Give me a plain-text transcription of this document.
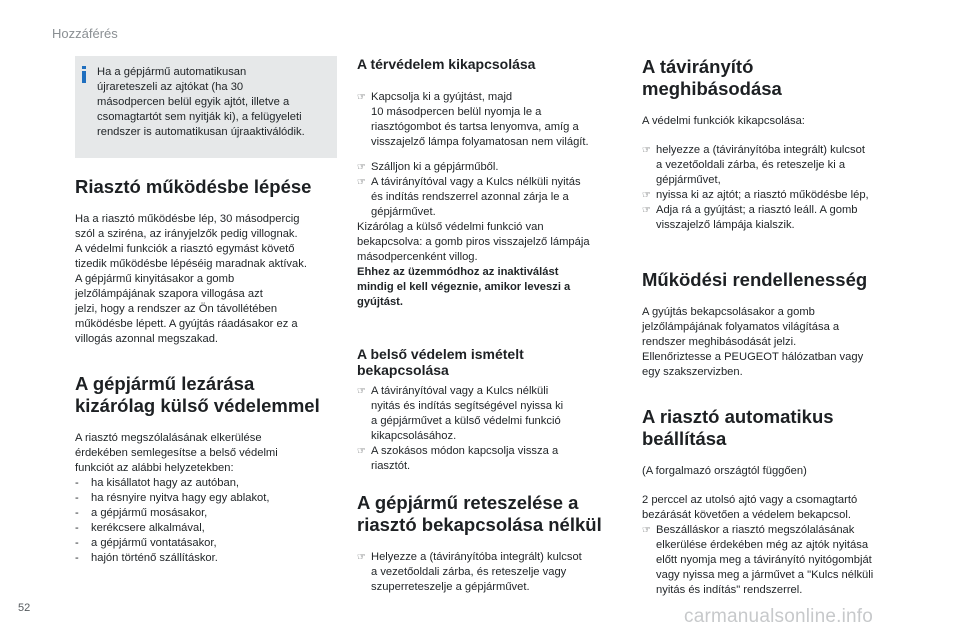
Hozzáférés
Ha a gépjármű automatikusan
újrareteszeli az ajtókat (ha 30
másodpercen belül egyik ajtót, illetve a
csomagtartót sem nyitják ki), a felügyeleti
rendszer is automatikusan újraaktiválódik.
Riasztó működésbe lépése
Ha a riasztó működésbe lép, 30 másodpercig
szól a sziréna, az irányjelzők pedig villognak.
A védelmi funkciók a riasztó egymást követő
tizedik működésbe lépéséig maradnak aktívak.
A gépjármű kinyitásakor a gomb
jelzőlámpájának szapora villogása azt
jelzi, hogy a rendszer az Ön távollétében
működésbe lépett. A gyújtás ráadásakor ez a
villogás azonnal megszakad.
A gépjármű lezárása
kizárólag külső védelemmel
A riasztó megszólalásának elkerülése
érdekében semlegesítse a belső védelmi
funkciót az alábbi helyzetekben:
- ha kisállatot hagy az autóban,
- ha résnyire nyitva hagy egy ablakot,
- a gépjármű mosásakor,
- kerékcsere alkalmával,
- a gépjármű vontatásakor,
- hajón történő szállításkor.
A térvédelem kikapcsolása
☞ Kapcsolja ki a gyújtást, majd
10 másodpercen belül nyomja le a
riasztógombot és tartsa lenyomva, amíg a
visszajelző lámpa folyamatosan nem világít.
☞ Szálljon ki a gépjárműből.
☞ A távirányítóval vagy a Kulcs nélküli nyitás
és indítás rendszerrel azonnal zárja le a
gépjárművet.
Kizárólag a külső védelmi funkció van
bekapcsolva: a gomb piros visszajelző lámpája
másodpercenként villog.
Ehhez az üzemmódhoz az inaktiválást
mindig el kell végeznie, amikor leveszi a
gyújtást.
A belső védelem ismételt
bekapcsolása
☞ A távirányítóval vagy a Kulcs nélküli
nyitás és indítás segítségével nyissa ki
a gépjárművet a külső védelmi funkció
kikapcsolásához.
☞ A szokásos módon kapcsolja vissza a
riasztót.
A gépjármű reteszelése a
riasztó bekapcsolása nélkül
☞ Helyezze a (távirányítóba integrált) kulcsot
a vezetőoldali zárba, és reteszelje vagy
szuperreteszelje a gépjárművet.
A távirányító
meghibásodása

A védelmi funkciók kikapcsolása:

☞ helyezze a (távirányítóba integrált) kulcsot
a vezetőoldali zárba, és reteszelje ki a
gépjárművet,
☞ nyissa ki az ajtót; a riasztó működésbe lép,
☞ Adja rá a gyújtást; a riasztó leáll. A gomb
visszajelző lámpája kialszik.
Működési rendellenesség
A gyújtás bekapcsolásakor a gomb
jelzőlámpájának folyamatos világítása a
rendszer meghibásodását jelzi.
Ellenőriztesse a PEUGEOT hálózatban vagy
egy szakszervizben.
A riasztó automatikus
beállítása

(A forgalmazó országtól függően)

2 perccel az utolsó ajtó vagy a csomagtartó
bezárását követően a védelem bekapcsol.
☞ Beszálláskor a riasztó megszólalásának
elkerülése érdekében még az ajtók nyitása
előtt nyomja meg a távirányító nyitógombját
vagy nyissa meg a járművet a "Kulcs nélküli
nyitás és indítás" rendszerrel.
52	carmanualsonline.info
